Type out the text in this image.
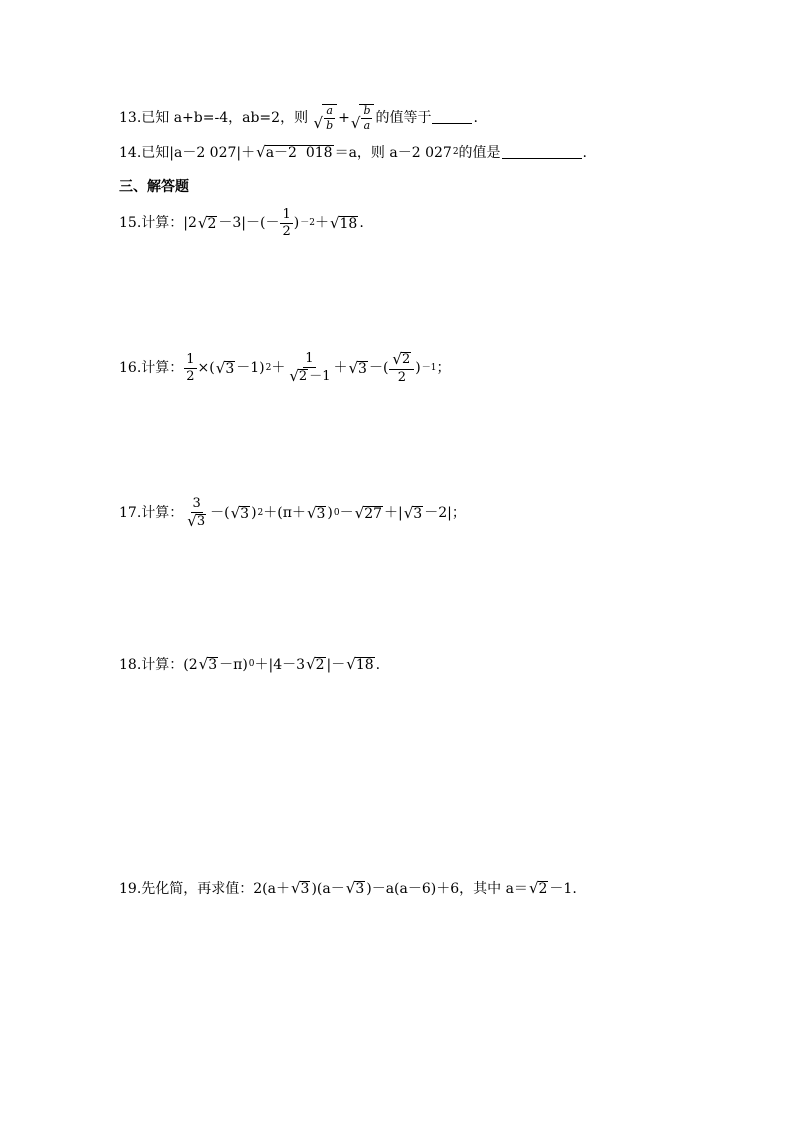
13.已知 a+b=-4，ab=2，则 √ $\frac{a}{b}$ + √ $\frac{b}{a}$ 的值等于	.
14.已知|a－2 027|＋ √ a－2  018 ＝a，则 a－2 027 2 的值是	.
三、解答题
15.计算：|2 √ $2 -3|-(- \frac{1}{2}$ ) －2 ＋ √ 18 .
16.计算： $\frac{1}{2}$ ×( √ 3 －1) $2 + \frac{1}{√ 2 -1}$ ＋ √ 3 －( $\frac{√ 2}{2}$ ) －1 ；
17.计算： $\frac{3}{√ 3}$ －( √ 3 ) 2 ＋(π＋ √ 3 ) 0 － √ 27 ＋| √ 3 －2|；
18.计算：(2 √ 3 －π) 0 ＋|4－3 √ 2 |－ √ 18 .
19.先化简，再求值：2(a＋ √ 3 )(a－ √ 3 )－a(a－6)＋6，其中 a＝ √ 2 －1.
